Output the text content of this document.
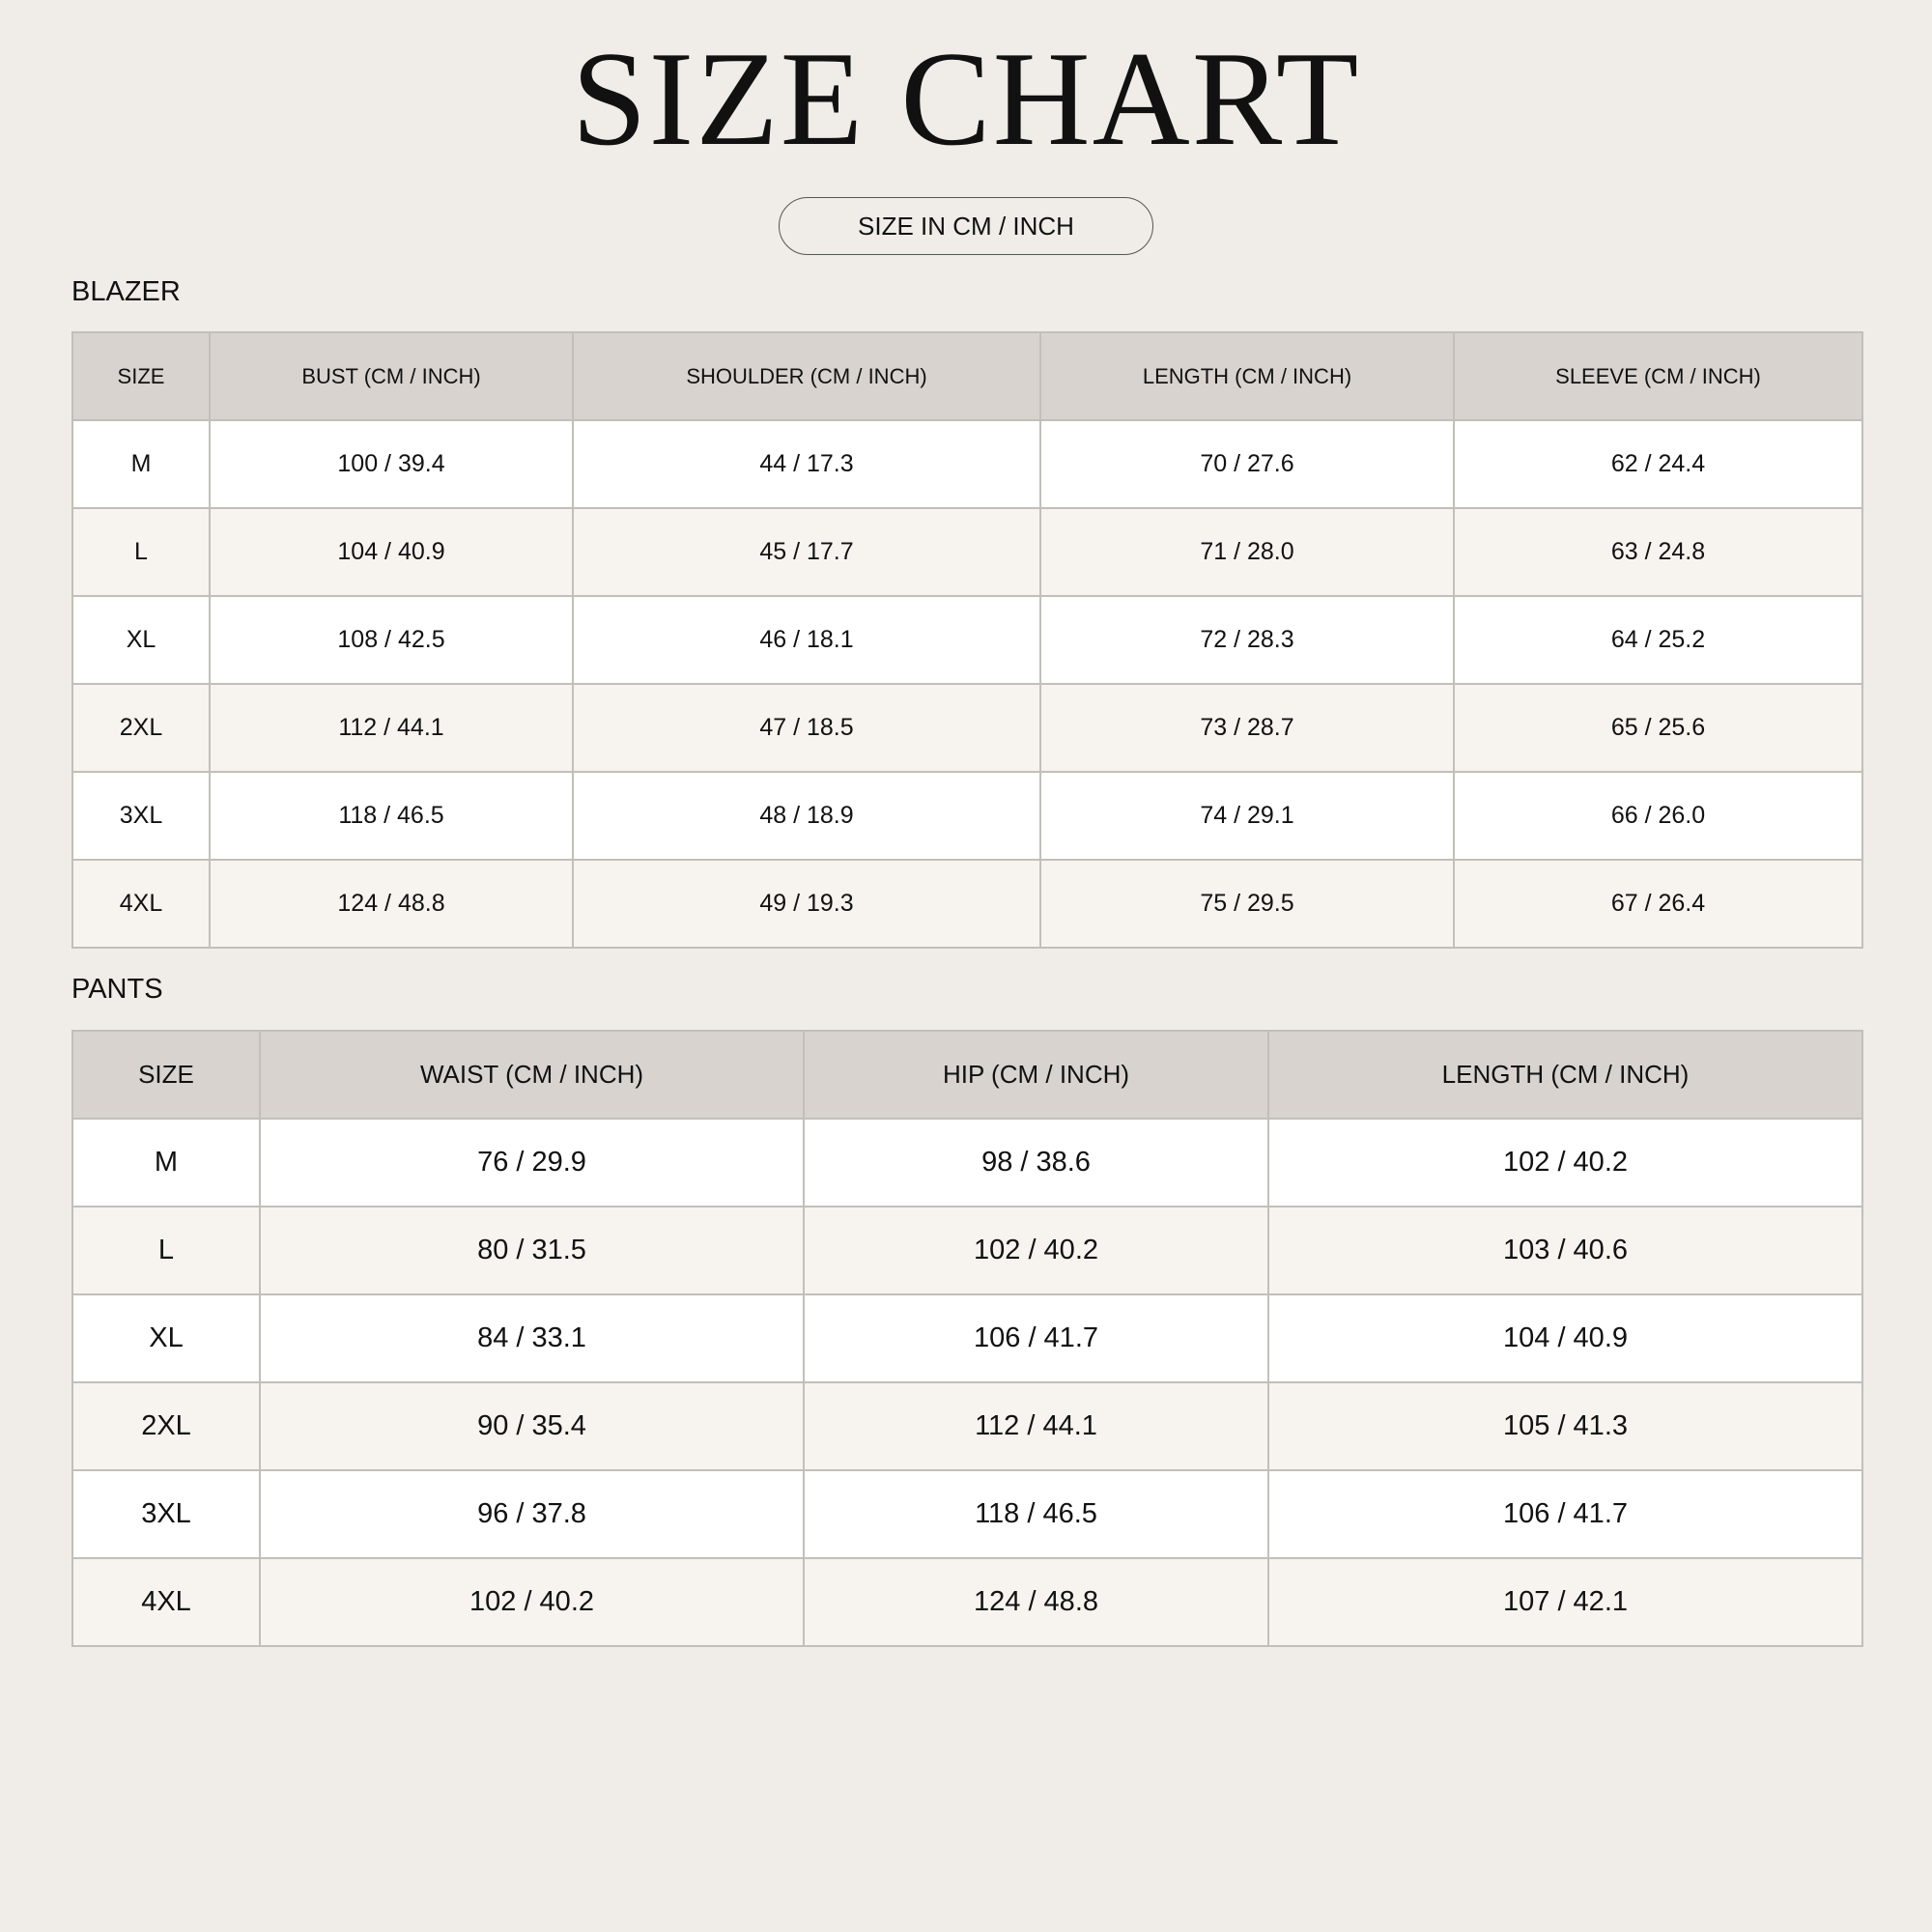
SIZE CHART
SIZE IN CM / INCH
BLAZER
SIZE	BUST (CM / INCH)	SHOULDER (CM / INCH)	LENGTH (CM / INCH)	SLEEVE (CM / INCH)
M	100 / 39.4	44 / 17.3	70 / 27.6	62 / 24.4
L	104 / 40.9	45 / 17.7	71 / 28.0	63 / 24.8
XL	108 / 42.5	46 / 18.1	72 / 28.3	64 / 25.2
2XL	112 / 44.1	47 / 18.5	73 / 28.7	65 / 25.6
3XL	118 / 46.5	48 / 18.9	74 / 29.1	66 / 26.0
4XL	124 / 48.8	49 / 19.3	75 / 29.5	67 / 26.4
PANTS
SIZE	WAIST (CM / INCH)	HIP (CM / INCH)	LENGTH (CM / INCH)
M	76 / 29.9	98 / 38.6	102 / 40.2
L	80 / 31.5	102 / 40.2	103 / 40.6
XL	84 / 33.1	106 / 41.7	104 / 40.9
2XL	90 / 35.4	112 / 44.1	105 / 41.3
3XL	96 / 37.8	118 / 46.5	106 / 41.7
4XL	102 / 40.2	124 / 48.8	107 / 42.1
